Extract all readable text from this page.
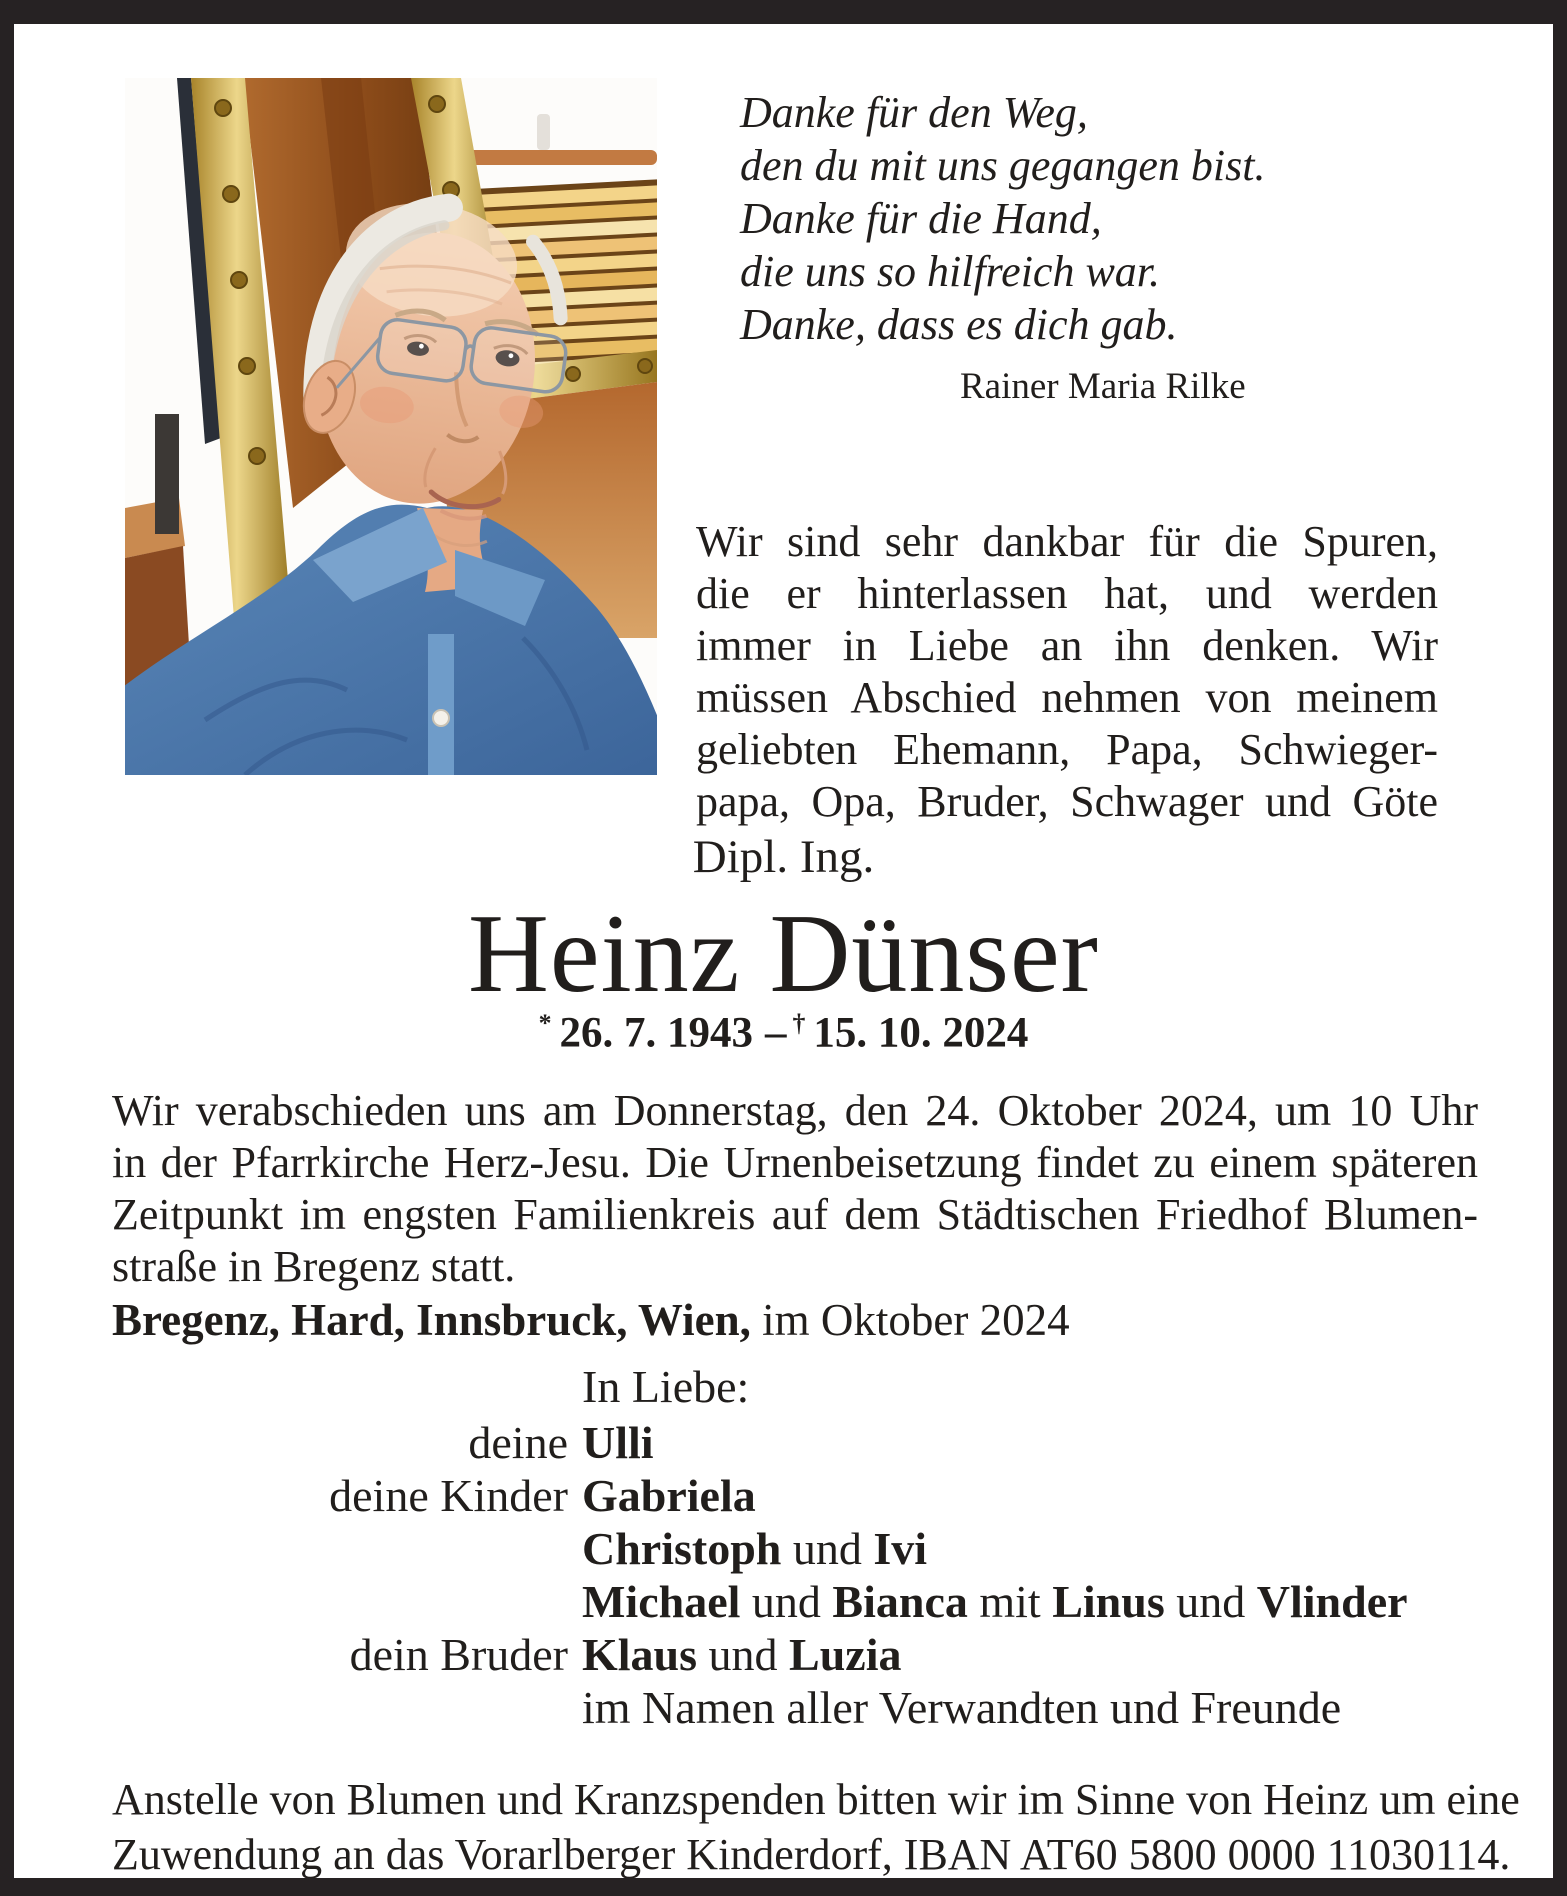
Danke für den Weg,
den du mit uns gegangen bist.
Danke für die Hand,
die uns so hilfreich war.
Danke, dass es dich gab.
Rainer Maria Rilke
Wir sind sehr dankbar für die Spuren,
die er hinterlassen hat, und werden
immer in Liebe an ihn denken. Wir
müssen Abschied nehmen von meinem
geliebten Ehemann, Papa, Schwieger-
papa, Opa, Bruder, Schwager und Göte
Dipl. Ing.
Heinz Dünser
* 26. 7. 1943 – † 15. 10. 2024
Wir verabschieden uns am Donnerstag, den 24. Oktober 2024, um 10 Uhr
in der Pfarrkirche Herz-Jesu. Die Urnenbeisetzung findet zu einem späteren
Zeitpunkt im engsten Familienkreis auf dem Städtischen Friedhof Blumen-
straße in Bregenz statt.
Bregenz, Hard, Innsbruck, Wien, im Oktober 2024
In Liebe:
deine Ulli
deine Kinder Gabriela
Christoph und Ivi
Michael und Bianca mit Linus und Vlinder
dein Bruder Klaus und Luzia
im Namen aller Verwandten und Freunde
Anstelle von Blumen und Kranzspenden bitten wir im Sinne von Heinz um eine
Zuwendung an das Vorarlberger Kinderdorf, IBAN AT60 5800 0000 11030114.
